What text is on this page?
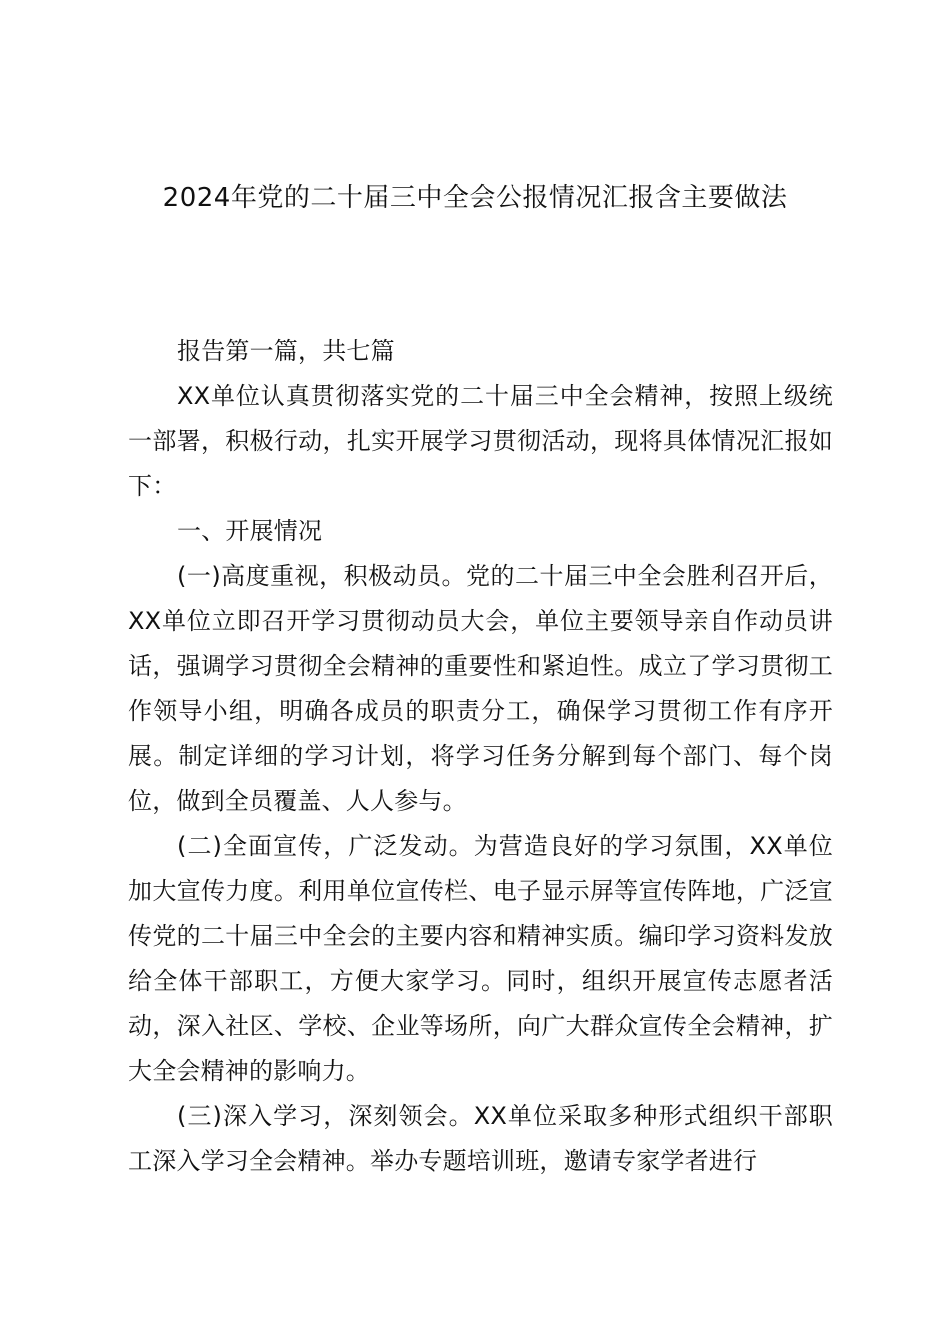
2024年党的二十届三中全会公报情况汇报含主要做法

报告第一篇，共七篇

XX单位认真贯彻落实党的二十届三中全会精神，按照上级统一部署，积极行动，扎实开展学习贯彻活动，现将具体情况汇报如下：

一、开展情况

(一)高度重视，积极动员。党的二十届三中全会胜利召开后，XX单位立即召开学习贯彻动员大会，单位主要领导亲自作动员讲话，强调学习贯彻全会精神的重要性和紧迫性。成立了学习贯彻工作领导小组，明确各成员的职责分工，确保学习贯彻工作有序开展。制定详细的学习计划，将学习任务分解到每个部门、每个岗位，做到全员覆盖、人人参与。

(二)全面宣传，广泛发动。为营造良好的学习氛围，XX单位加大宣传力度。利用单位宣传栏、电子显示屏等宣传阵地，广泛宣传党的二十届三中全会的主要内容和精神实质。编印学习资料发放给全体干部职工，方便大家学习。同时，组织开展宣传志愿者活动，深入社区、学校、企业等场所，向广大群众宣传全会精神，扩大全会精神的影响力。

(三)深入学习，深刻领会。XX单位采取多种形式组织干部职工深入学习全会精神。举办专题培训班，邀请专家学者进行
